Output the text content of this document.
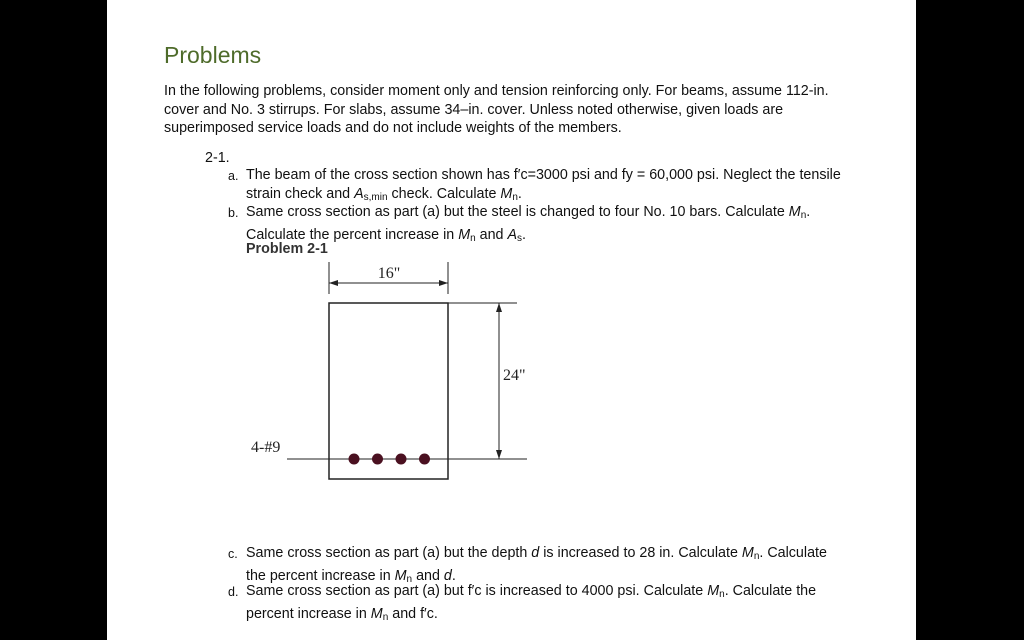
Problems
In the following problems, consider moment only and tension reinforcing only. For beams, assume 112-in.
cover and No. 3 stirrups. For slabs, assume 34–in. cover. Unless noted otherwise, given loads are
superimposed service loads and do not include weights of the members.
2-1.
a. The beam of the cross section shown has f′c=3000 psi and fy = 60,000 psi. Neglect the tensile
strain check and $A_{s,min}$ check. Calculate $M_n$.
b. Same cross section as part (a) but the steel is changed to four No. 10 bars. Calculate $M_n$.
Calculate the percent increase in $M_n$ and $A_s$.
Problem 2-1
16"
24"
4-#9
c. Same cross section as part (a) but the depth d is increased to 28 in. Calculate $M_n$. Calculate
the percent increase in $M_n$ and d.
d. Same cross section as part (a) but f′c is increased to 4000 psi. Calculate $M_n$. Calculate the
percent increase in $M_n$ and f′c.
